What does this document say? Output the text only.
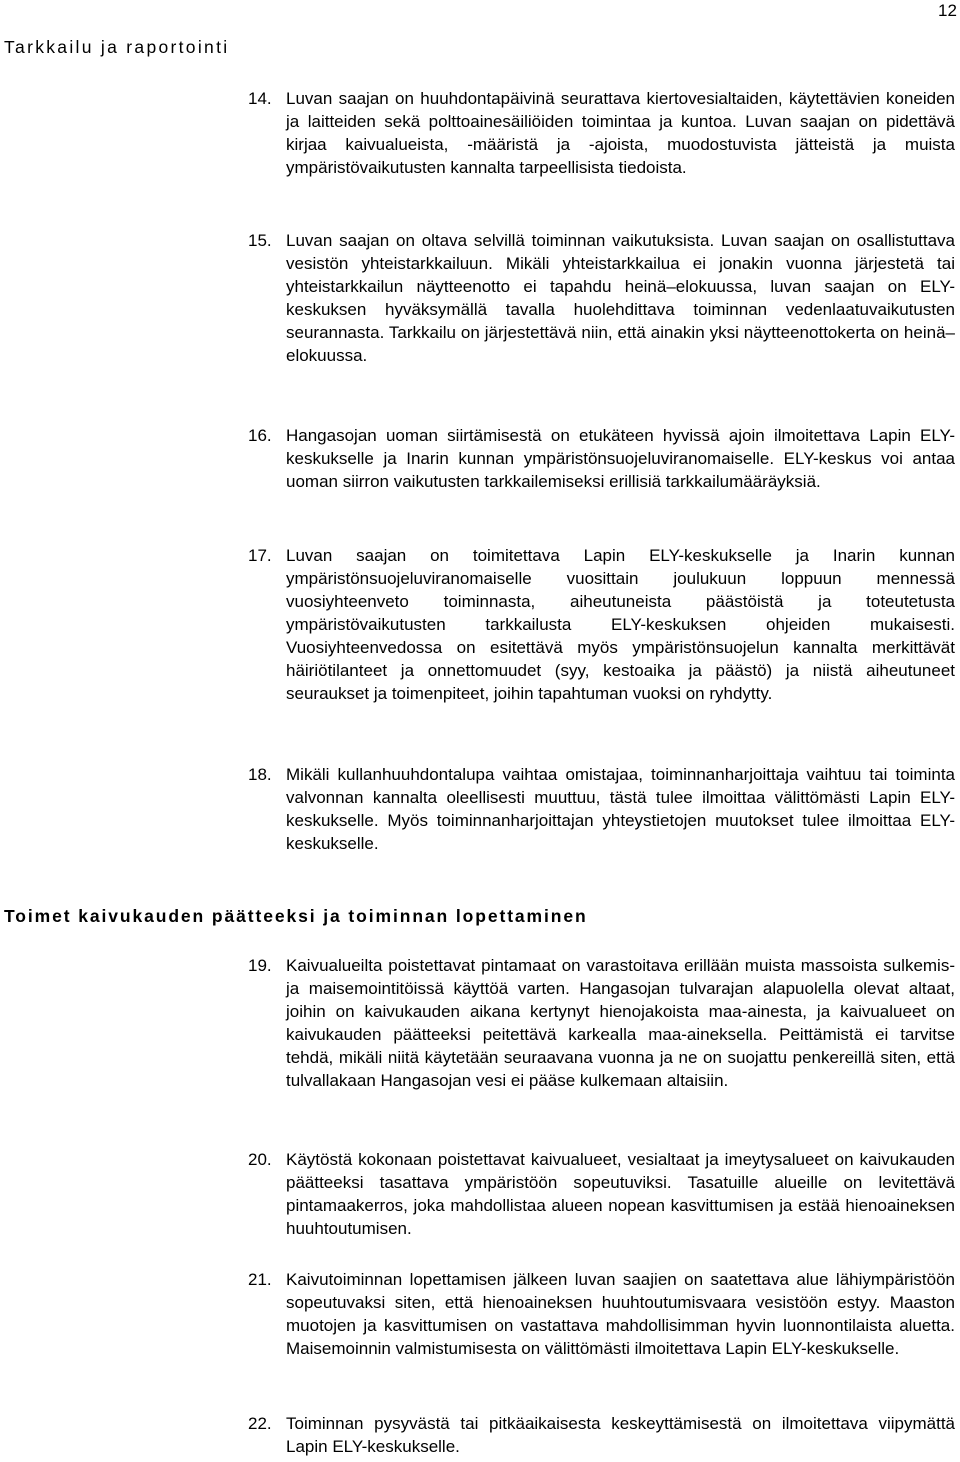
12
Tarkkailu ja raportointi
14. Luvan saajan on huuhdontapäivinä seurattava kiertovesialtaiden, käytettävien koneiden ja laitteiden sekä polttoainesäiliöiden toimintaa ja kuntoa. Luvan saajan on pidettävä kirjaa kaivualueista, -määristä ja -ajoista, muodostuvista jätteistä ja muista ympäristövaikutusten kannalta tarpeellisista tiedoista.
15. Luvan saajan on oltava selvillä toiminnan vaikutuksista. Luvan saajan on osallistuttava vesistön yhteistarkkailuun. Mikäli yhteistarkkailua ei jonakin vuonna järjestetä tai yhteistarkkailun näytteenotto ei tapahdu heinä–elokuussa, luvan saajan on ELY-keskuksen hyväksymällä tavalla huolehdittava toiminnan vedenlaatuvaikutusten seurannasta. Tarkkailu on järjestettävä niin, että ainakin yksi näytteenottokerta on heinä–elokuussa.
16. Hangasojan uoman siirtämisestä on etukäteen hyvissä ajoin ilmoitettava Lapin ELY-keskukselle ja Inarin kunnan ympäristönsuojeluviranomaiselle. ELY-keskus voi antaa uoman siirron vaikutusten tarkkailemiseksi erillisiä tarkkailumääräyksiä.
17. Luvan saajan on toimitettava Lapin ELY-keskukselle ja Inarin kunnan ympäristönsuojeluviranomaiselle vuosittain joulukuun loppuun mennessä vuosiyhteenveto toiminnasta, aiheutuneista päästöistä ja toteutetusta ympäristövaikutusten tarkkailusta ELY-keskuksen ohjeiden mukaisesti. Vuosiyhteenvedossa on esitettävä myös ympäristönsuojelun kannalta merkittävät häiriötilanteet ja onnettomuudet (syy, kestoaika ja päästö) ja niistä aiheutuneet seuraukset ja toimenpiteet, joihin tapahtuman vuoksi on ryhdytty.
18. Mikäli kullanhuuhdontalupa vaihtaa omistajaa, toiminnanharjoittaja vaihtuu tai toiminta valvonnan kannalta oleellisesti muuttuu, tästä tulee ilmoittaa välittömästi Lapin ELY-keskukselle. Myös toiminnanharjoittajan yhteystietojen muutokset tulee ilmoittaa ELY-keskukselle.
Toimet kaivukauden päätteeksi ja toiminnan lopettaminen
19. Kaivualueilta poistettavat pintamaat on varastoitava erillään muista massoista sulkemis- ja maisemointitöissä käyttöä varten. Hangasojan tulvarajan alapuolella olevat altaat, joihin on kaivukauden aikana kertynyt hienojakoista maa-ainesta, ja kaivualueet on kaivukauden päätteeksi peitettävä karkealla maa-aineksella. Peittämistä ei tarvitse tehdä, mikäli niitä käytetään seuraavana vuonna ja ne on suojattu penkereillä siten, että tulvallakaan Hangasojan vesi ei pääse kulkemaan altaisiin.
20. Käytöstä kokonaan poistettavat kaivualueet, vesialtaat ja imeytysalueet on kaivukauden päätteeksi tasattava ympäristöön sopeutuviksi. Tasatuille alueille on levitettävä pintamaakerros, joka mahdollistaa alueen nopean kasvittumisen ja estää hienoaineksen huuhtoutumisen.
21. Kaivutoiminnan lopettamisen jälkeen luvan saajien on saatettava alue lähiympäristöön sopeutuvaksi siten, että hienoaineksen huuhtoutumisvaara vesistöön estyy. Maaston muotojen ja kasvittumisen on vastattava mahdollisimman hyvin luonnontilaista aluetta. Maisemoinnin valmistumisesta on välittömästi ilmoitettava Lapin ELY-keskukselle.
22. Toiminnan pysyvästä tai pitkäaikaisesta keskeyttämisestä on ilmoitettava viipymättä Lapin ELY-keskukselle.
